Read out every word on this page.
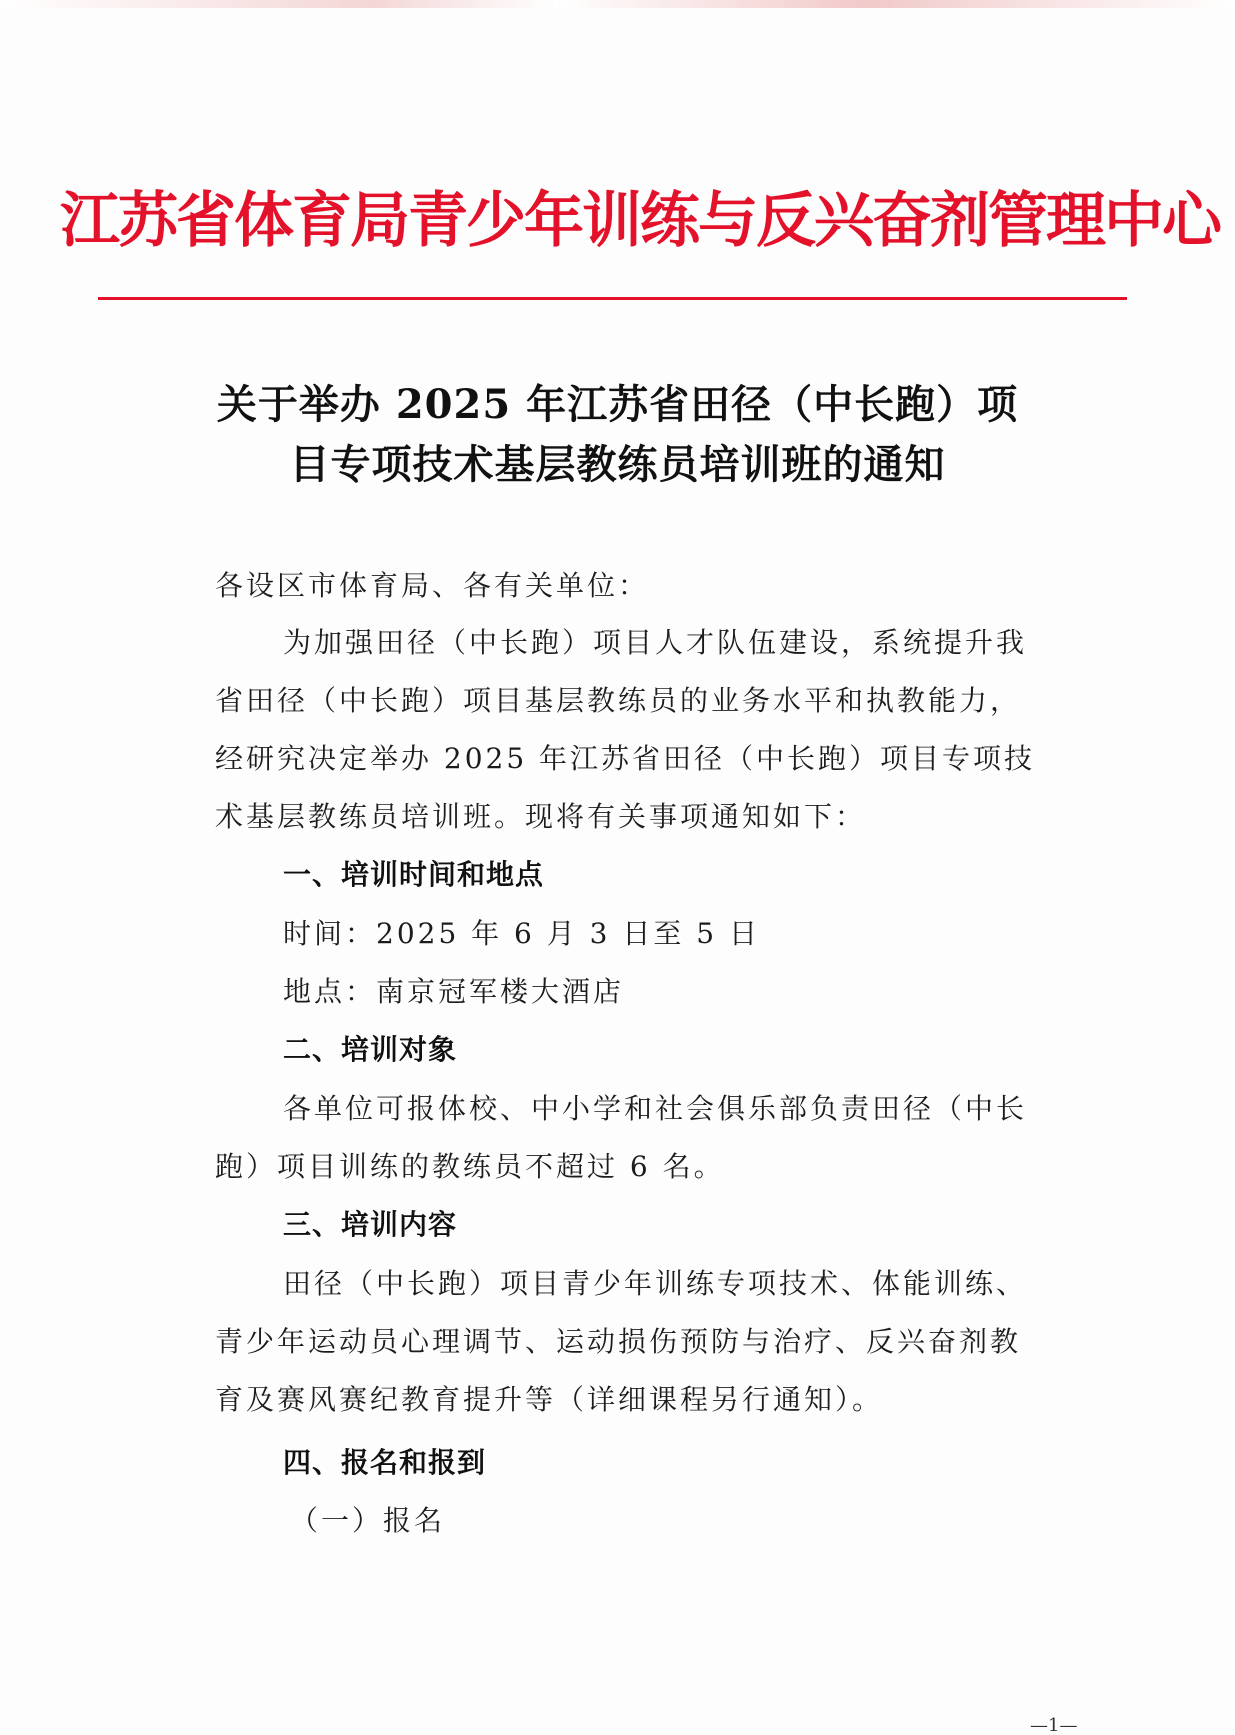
江苏省体育局青少年训练与反兴奋剂管理中心
关于举办 2025 年江苏省田径（中长跑）项
目专项技术基层教练员培训班的通知
各设区市体育局、各有关单位：
为加强田径（中长跑）项目人才队伍建设，系统提升我
省田径（中长跑）项目基层教练员的业务水平和执教能力，
经研究决定举办 2025 年江苏省田径（中长跑）项目专项技
术基层教练员培训班。现将有关事项通知如下：
一、培训时间和地点
时间：2025 年 6 月 3 日至 5 日
地点：南京冠军楼大酒店
二、培训对象
各单位可报体校、中小学和社会俱乐部负责田径（中长
跑）项目训练的教练员不超过 6 名。
三、培训内容
田径（中长跑）项目青少年训练专项技术、体能训练、
青少年运动员心理调节、运动损伤预防与治疗、反兴奋剂教
育及赛风赛纪教育提升等（详细课程另行通知）。
四、报名和报到
（一）报名
—1—
